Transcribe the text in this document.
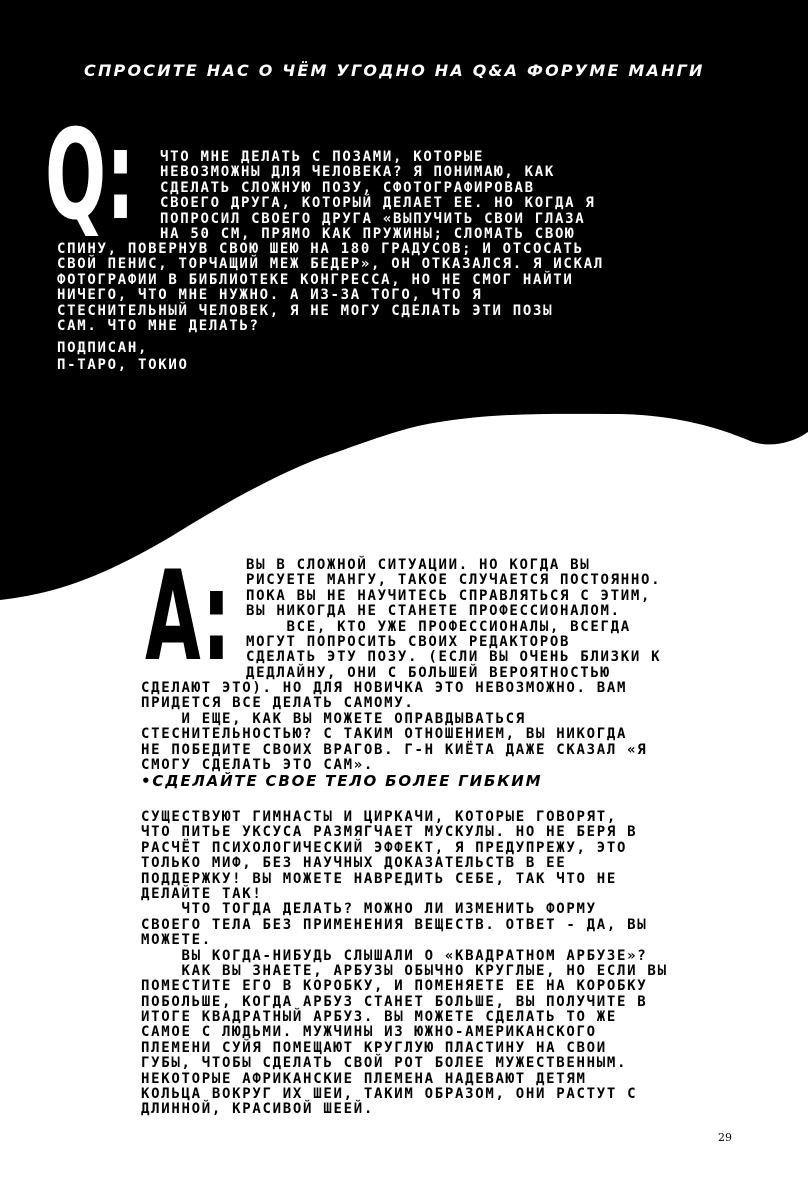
СПРОСИТЕ НАС О ЧЁМ УГОДНО НА Q&A ФОРУМЕ МАНГИ
Q: ЧТО МНЕ ДЕЛАТЬ С ПОЗАМИ, КОТОРЫЕ
НЕВОЗМОЖНЫ ДЛЯ ЧЕЛОВЕКА? Я ПОНИМАЮ, КАК
СДЕЛАТЬ СЛОЖНУЮ ПОЗУ, СФОТОГРАФИРОВАВ
СВОЕГО ДРУГА, КОТОРЫЙ ДЕЛАЕТ ЕЕ. НО КОГДА Я
ПОПРОСИЛ СВОЕГО ДРУГА «ВЫПУЧИТЬ СВОИ ГЛАЗА
НА 50 СМ, ПРЯМО КАК ПРУЖИНЫ; СЛОМАТЬ СВОЮ
СПИНУ, ПОВЕРНУВ СВОЮ ШЕЮ НА 180 ГРАДУСОВ; И ОТСОСАТЬ
СВОЙ ПЕНИС, ТОРЧАЩИЙ МЕЖ БЕДЕР», ОН ОТКАЗАЛСЯ. Я ИСКАЛ
ФОТОГРАФИИ В БИБЛИОТЕКЕ КОНГРЕССА, НО НЕ СМОГ НАЙТИ
НИЧЕГО, ЧТО МНЕ НУЖНО. А ИЗ-ЗА ТОГО, ЧТО Я
СТЕСНИТЕЛЬНЫЙ ЧЕЛОВЕК, Я НЕ МОГУ СДЕЛАТЬ ЭТИ ПОЗЫ
САМ. ЧТО МНЕ ДЕЛАТЬ?
ПОДПИСАН,
П-ТАРО, ТОКИО
A: ВЫ В СЛОЖНОЙ СИТУАЦИИ. НО КОГДА ВЫ
РИСУЕТЕ МАНГУ, ТАКОЕ СЛУЧАЕТСЯ ПОСТОЯННО.
ПОКА ВЫ НЕ НАУЧИТЕСЬ СПРАВЛЯТЬСЯ С ЭТИМ,
ВЫ НИКОГДА НЕ СТАНЕТЕ ПРОФЕССИОНАЛОМ.
ВСЕ, КТО УЖЕ ПРОФЕССИОНАЛЫ, ВСЕГДА
МОГУТ ПОПРОСИТЬ СВОИХ РЕДАКТОРОВ
СДЕЛАТЬ ЭТУ ПОЗУ. (ЕСЛИ ВЫ ОЧЕНЬ БЛИЗКИ К
ДЕДЛАЙНУ, ОНИ С БОЛЬШЕЙ ВЕРОЯТНОСТЬЮ
СДЕЛАЮТ ЭТО). НО ДЛЯ НОВИЧКА ЭТО НЕВОЗМОЖНО. ВАМ
ПРИДЕТСЯ ВСЕ ДЕЛАТЬ САМОМУ.
И ЕЩЕ, КАК ВЫ МОЖЕТЕ ОПРАВДЫВАТЬСЯ
СТЕСНИТЕЛЬНОСТЬЮ? С ТАКИМ ОТНОШЕНИЕМ, ВЫ НИКОГДА
НЕ ПОБЕДИТЕ СВОИХ ВРАГОВ. Г-Н КИЁТА ДАЖЕ СКАЗАЛ «Я
СМОГУ СДЕЛАТЬ ЭТО САМ».
•СДЕЛАЙТЕ СВОЕ ТЕЛО БОЛЕЕ ГИБКИМ
СУЩЕСТВУЮТ ГИМНАСТЫ И ЦИРКАЧИ, КОТОРЫЕ ГОВОРЯТ,
ЧТО ПИТЬЕ УКСУСА РАЗМЯГЧАЕТ МУСКУЛЫ. НО НЕ БЕРЯ В
РАСЧЁТ ПСИХОЛОГИЧЕСКИЙ ЭФФЕКТ, Я ПРЕДУПРЕЖУ, ЭТО
ТОЛЬКО МИФ, БЕЗ НАУЧНЫХ ДОКАЗАТЕЛЬСТВ В ЕЕ
ПОДДЕРЖКУ! ВЫ МОЖЕТЕ НАВРЕДИТЬ СЕБЕ, ТАК ЧТО НЕ
ДЕЛАЙТЕ ТАК!
ЧТО ТОГДА ДЕЛАТЬ? МОЖНО ЛИ ИЗМЕНИТЬ ФОРМУ
СВОЕГО ТЕЛА БЕЗ ПРИМЕНЕНИЯ ВЕЩЕСТВ. ОТВЕТ - ДА, ВЫ
МОЖЕТЕ.
ВЫ КОГДА-НИБУДЬ СЛЫШАЛИ О «КВАДРАТНОМ АРБУЗЕ»?
КАК ВЫ ЗНАЕТЕ, АРБУЗЫ ОБЫЧНО КРУГЛЫЕ, НО ЕСЛИ ВЫ
ПОМЕСТИТЕ ЕГО В КОРОБКУ, И ПОМЕНЯЕТЕ ЕЕ НА КОРОБКУ
ПОБОЛЬШЕ, КОГДА АРБУЗ СТАНЕТ БОЛЬШЕ, ВЫ ПОЛУЧИТЕ В
ИТОГЕ КВАДРАТНЫЙ АРБУЗ. ВЫ МОЖЕТЕ СДЕЛАТЬ ТО ЖЕ
САМОЕ С ЛЮДЬМИ. МУЖЧИНЫ ИЗ ЮЖНО-АМЕРИКАНСКОГО
ПЛЕМЕНИ СУЙЯ ПОМЕЩАЮТ КРУГЛУЮ ПЛАСТИНУ НА СВОИ
ГУБЫ, ЧТОБЫ СДЕЛАТЬ СВОЙ РОТ БОЛЕЕ МУЖЕСТВЕННЫМ.
НЕКОТОРЫЕ АФРИКАНСКИЕ ПЛЕМЕНА НАДЕВАЮТ ДЕТЯМ
КОЛЬЦА ВОКРУГ ИХ ШЕИ, ТАКИМ ОБРАЗОМ, ОНИ РАСТУТ С
ДЛИННОЙ, КРАСИВОЙ ШЕЕЙ.
29
